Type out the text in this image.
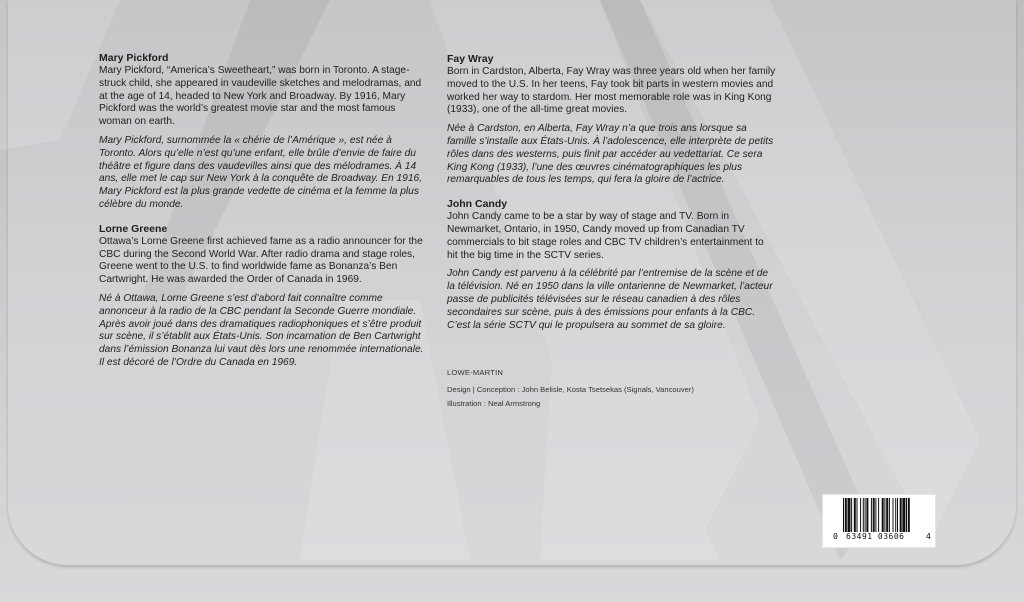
Mary Pickford

Mary Pickford, “America’s Sweetheart,” was born in Toronto. A stage-struck child, she appeared in vaudeville sketches and melodramas, and at the age of 14, headed to New York and Broadway. By 1916, Mary Pickford was the world’s greatest movie star and the most famous woman on earth.

Mary Pickford, surnommée la « chérie de l’Amérique », est née à Toronto. Alors qu’elle n’est qu’une enfant, elle brûle d’envie de faire du théâtre et figure dans des vaudevilles ainsi que des mélodrames. À 14 ans, elle met le cap sur New York à la conquête de Broadway. En 1916, Mary Pickford est la plus grande vedette de cinéma et la femme la plus célèbre du monde.

Lorne Greene

Ottawa’s Lorne Greene first achieved fame as a radio announcer for the CBC during the Second World War. After radio drama and stage roles, Greene went to the U.S. to find worldwide fame as Bonanza’s Ben Cartwright. He was awarded the Order of Canada in 1969.

Né à Ottawa, Lorne Greene s’est d’abord fait connaître comme annonceur à la radio de la CBC pendant la Seconde Guerre mondiale. Après avoir joué dans des dramatiques radiophoniques et s’être produit sur scène, il s’établit aux États-Unis. Son incarnation de Ben Cartwright dans l’émission Bonanza lui vaut dès lors une renommée internationale. Il est décoré de l’Ordre du Canada en 1969.

Fay Wray

Born in Cardston, Alberta, Fay Wray was three years old when her family moved to the U.S. In her teens, Fay took bit parts in western movies and worked her way to stardom. Her most memorable role was in King Kong (1933), one of the all-time great movies.

Née à Cardston, en Alberta, Fay Wray n’a que trois ans lorsque sa famille s’installe aux États-Unis. À l’adolescence, elle interprète de petits rôles dans des westerns, puis finit par accéder au vedettariat. Ce sera King Kong (1933), l’une des œuvres cinématographiques les plus remarquables de tous les temps, qui fera la gloire de l’actrice.

John Candy

John Candy came to be a star by way of stage and TV. Born in Newmarket, Ontario, in 1950, Candy moved up from Canadian TV commercials to bit stage roles and CBC TV children’s entertainment to hit the big time in the SCTV series.

John Candy est parvenu à la célébrité par l’entremise de la scène et de la télévision. Né en 1950 dans la ville ontarienne de Newmarket, l’acteur passe de publicités télévisées sur le réseau canadien à des rôles secondaires sur scène, puis à des émissions pour enfants à la CBC. C’est la série SCTV qui le propulsera au sommet de sa gloire.

LOWE-MARTIN
Design | Conception : John Belisle, Kosta Tsetsekas (Signals, Vancouver)
Illustration : Neal Armstrong
0 63491 03606	4
